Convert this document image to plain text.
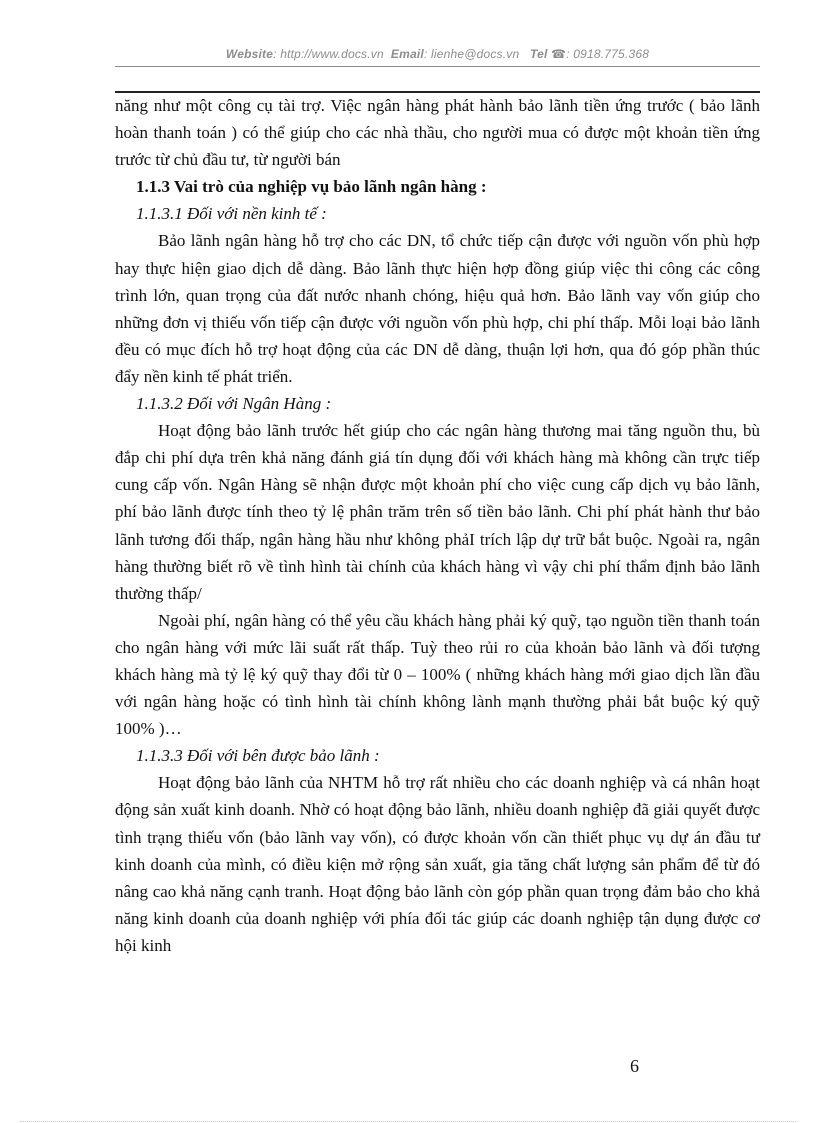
Website: http://www.docs.vn Email: lienhe@docs.vn Tel ☎: 0918.775.368

năng như một công cụ tài trợ. Việc ngân hàng phát hành bảo lãnh tiền ứng trước ( bảo lãnh hoàn thanh toán ) có thể giúp cho các nhà thầu, cho người mua có được một khoản tiền ứng trước từ chủ đầu tư, từ người bán

1.1.3 Vai trò của nghiệp vụ bảo lãnh ngân hàng :

1.1.3.1 Đối với nền kinh tế :

Bảo lãnh ngân hàng hỗ trợ cho các DN, tổ chức tiếp cận được với nguồn vốn phù hợp hay thực hiện giao dịch dễ dàng. Bảo lãnh thực hiện hợp đồng giúp việc thi công các công trình lớn, quan trọng của đất nước nhanh chóng, hiệu quả hơn. Bảo lãnh vay vốn giúp cho những đơn vị thiếu vốn tiếp cận được với nguồn vốn phù hợp, chi phí thấp. Mỗi loại bảo lãnh đều có mục đích hỗ trợ hoạt động của các DN dễ dàng, thuận lợi hơn, qua đó góp phần thúc đẩy nền kinh tế phát triển.

1.1.3.2 Đối với Ngân Hàng :

Hoạt động bảo lãnh trước hết giúp cho các ngân hàng thương mai tăng nguồn thu, bù đắp chi phí dựa trên khả năng đánh giá tín dụng đối với khách hàng mà không cần trực tiếp cung cấp vốn. Ngân Hàng sẽ nhận được một khoản phí cho việc cung cấp dịch vụ bảo lãnh, phí bảo lãnh được tính theo tỷ lệ phân trăm trên số tiền bảo lãnh. Chi phí phát hành thư bảo lãnh tương đối thấp, ngân hàng hầu như không phảI trích lập dự trữ bắt buộc. Ngoài ra, ngân hàng thường biết rõ về tình hình tài chính của khách hàng vì vậy chi phí thẩm định bảo lãnh thường thấp/

Ngoài phí, ngân hàng có thể yêu cầu khách hàng phải ký quỹ, tạo nguồn tiền thanh toán cho ngân hàng với mức lãi suất rất thấp. Tuỳ theo rủi ro của khoản bảo lãnh và đối tượng khách hàng mà tỷ lệ ký quỹ thay đổi từ 0 – 100% ( những khách hàng mới giao dịch lần đầu với ngân hàng hoặc có tình hình tài chính không lành mạnh thường phải bắt buộc ký quỹ 100% )…

1.1.3.3 Đối với bên được bảo lãnh :

Hoạt động bảo lãnh của NHTM hỗ trợ rất nhiều cho các doanh nghiệp và cá nhân hoạt động sản xuất kinh doanh. Nhờ có hoạt động bảo lãnh, nhiều doanh nghiệp đã giải quyết được tình trạng thiếu vốn (bảo lãnh vay vốn), có được khoản vốn cần thiết phục vụ dự án đầu tư kinh doanh của mình, có điều kiện mở rộng sản xuất, gia tăng chất lượng sản phẩm để từ đó nâng cao khả năng cạnh tranh. Hoạt động bảo lãnh còn góp phần quan trọng đảm bảo cho khả năng kinh doanh của doanh nghiệp với phía đối tác giúp các doanh nghiệp tận dụng được cơ hội kinh

6
